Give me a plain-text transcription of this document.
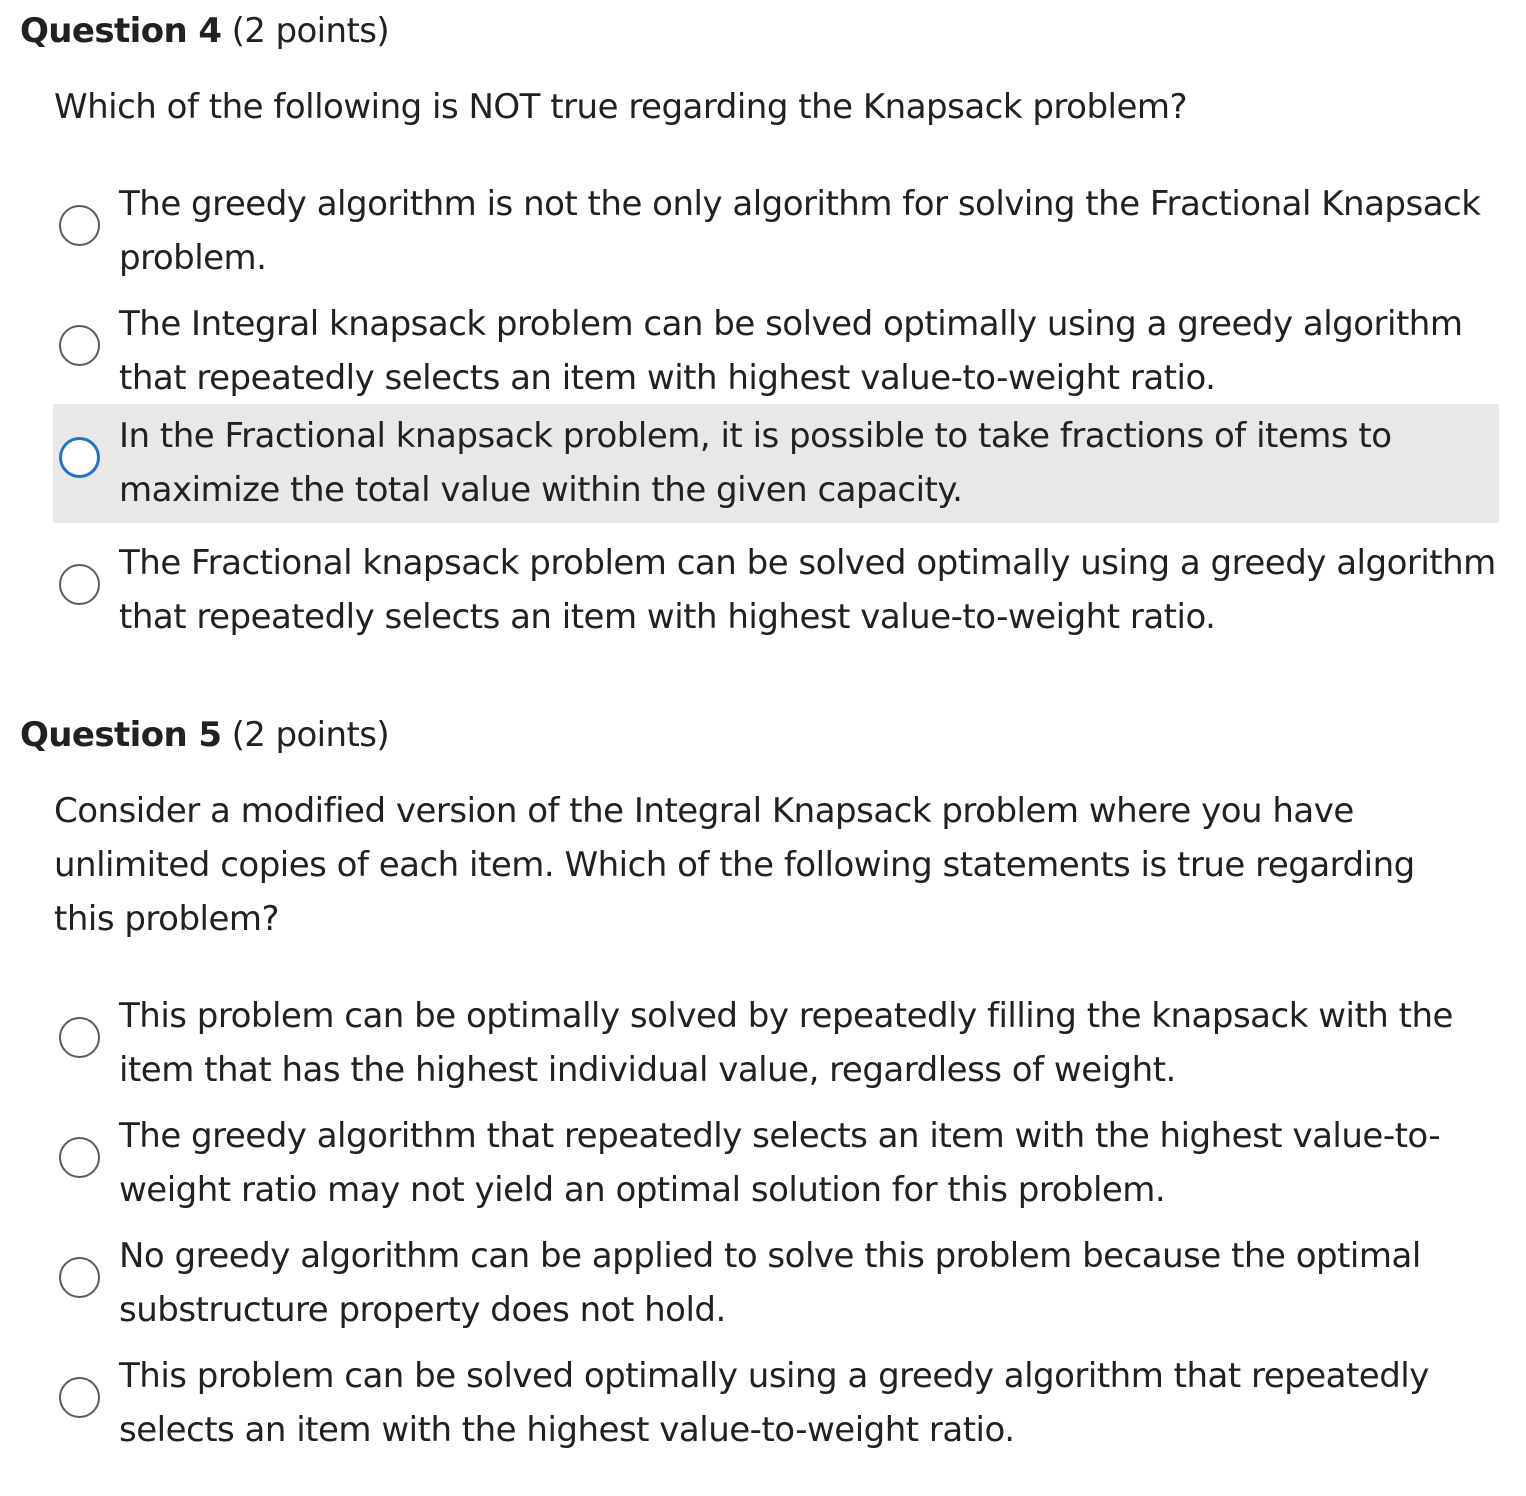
Question 4 (2 points)
Which of the following is NOT true regarding the Knapsack problem?
The greedy algorithm is not the only algorithm for solving the Fractional Knapsack problem.
The Integral knapsack problem can be solved optimally using a greedy algorithm that repeatedly selects an item with highest value-to-weight ratio.
In the Fractional knapsack problem, it is possible to take fractions of items to maximize the total value within the given capacity.
The Fractional knapsack problem can be solved optimally using a greedy algorithm that repeatedly selects an item with highest value-to-weight ratio.
Question 5 (2 points)
Consider a modified version of the Integral Knapsack problem where you have unlimited copies of each item. Which of the following statements is true regarding this problem?
This problem can be optimally solved by repeatedly filling the knapsack with the item that has the highest individual value, regardless of weight.
The greedy algorithm that repeatedly selects an item with the highest value-to-weight ratio may not yield an optimal solution for this problem.
No greedy algorithm can be applied to solve this problem because the optimal substructure property does not hold.
This problem can be solved optimally using a greedy algorithm that repeatedly selects an item with the highest value-to-weight ratio.
